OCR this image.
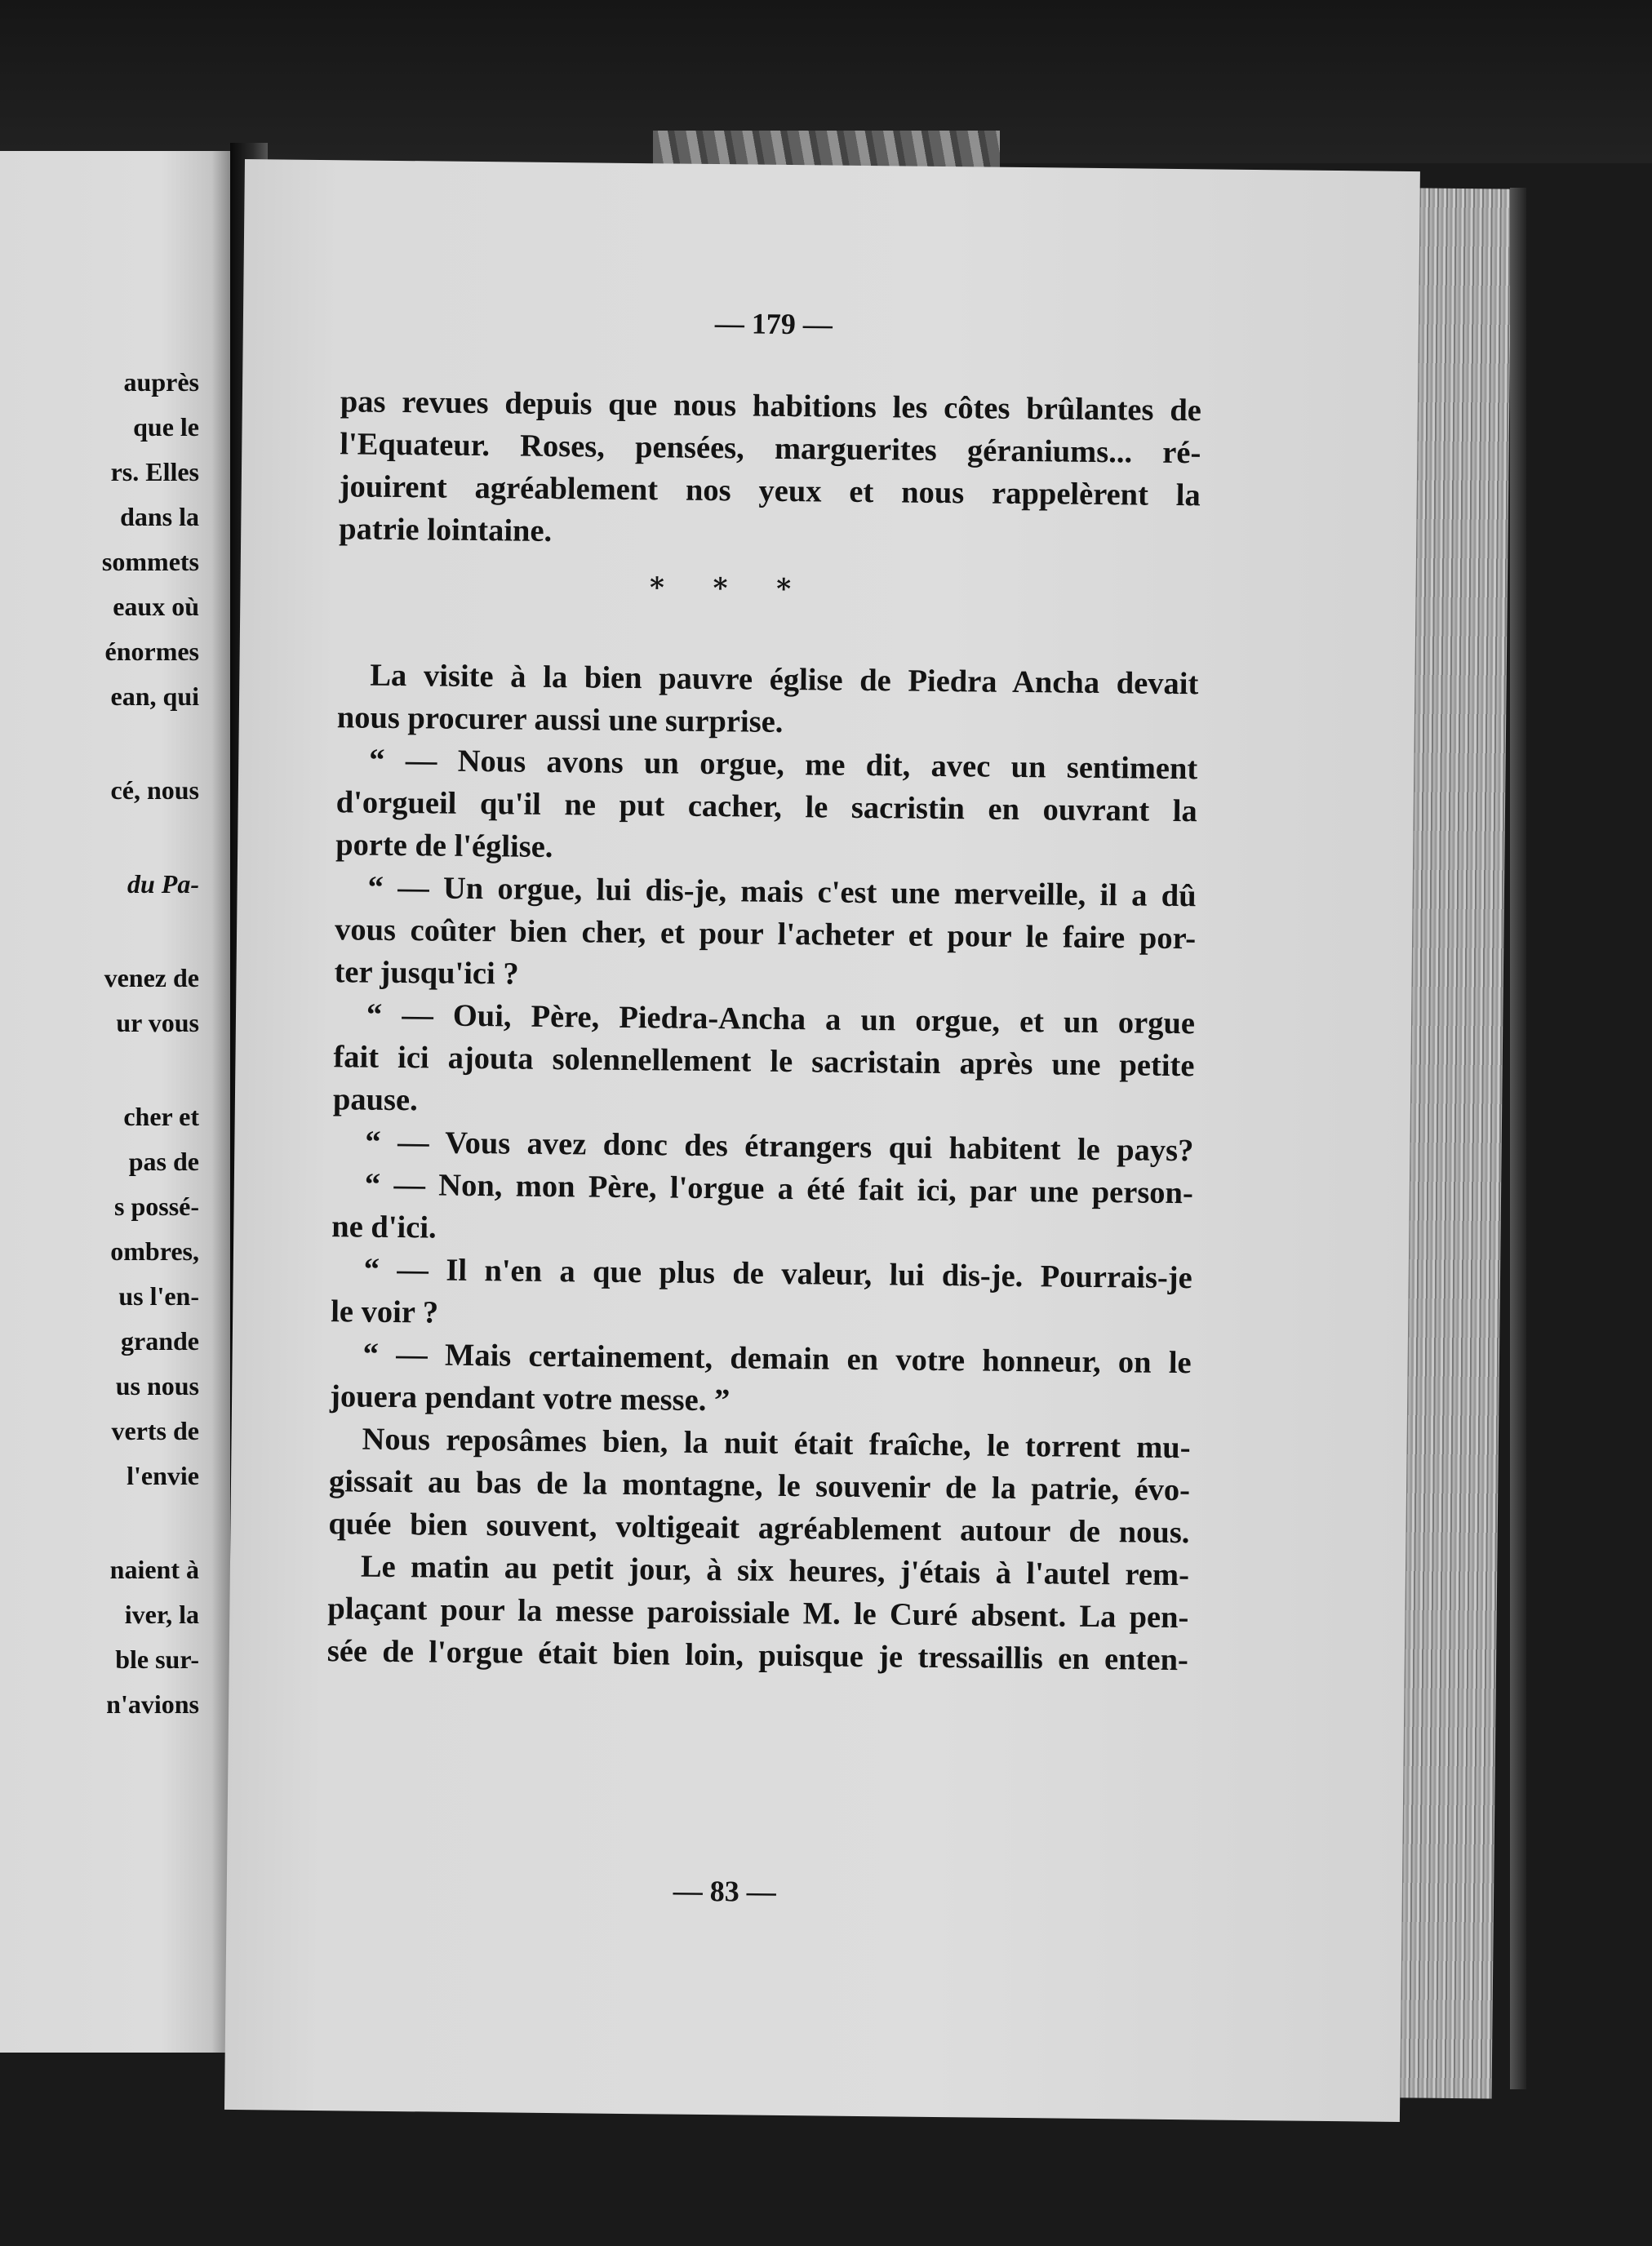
auprès
que le
rs. Elles
dans la
sommets
eaux où
énormes
ean, qui
cé, nous
du Pa-
venez de
ur vous
cher et
pas de
s possé-
ombres,
us l'en-
grande
us nous
verts de
l'envie
naient à
iver, la
ble sur-
n'avions
— 179 —
pas revues depuis que nous habitions les côtes brûlantes de
l'Equateur. Roses, pensées, marguerites géraniums... ré-
jouirent agréablement nos yeux et nous rappelèrent la
patrie lointaine.
La visite à la bien pauvre église de Piedra Ancha devait
nous procurer aussi une surprise.
“ — Nous avons un orgue, me dit, avec un sentiment
d'orgueil qu'il ne put cacher, le sacristin en ouvrant la
porte de l'église.
“ — Un orgue, lui dis-je, mais c'est une merveille, il a dû
vous coûter bien cher, et pour l'acheter et pour le faire por-
ter jusqu'ici ?
“ — Oui, Père, Piedra-Ancha a un orgue, et un orgue
fait ici ajouta solennellement le sacristain après une petite
pause.
“ — Vous avez donc des étrangers qui habitent le pays?
“ — Non, mon Père, l'orgue a été fait ici, par une person-
ne d'ici.
“ — Il n'en a que plus de valeur, lui dis-je. Pourrais-je
le voir ?
“ — Mais certainement, demain en votre honneur, on le
jouera pendant votre messe. ”
Nous reposâmes bien, la nuit était fraîche, le torrent mu-
gissait au bas de la montagne, le souvenir de la patrie, évo-
quée bien souvent, voltigeait agréablement autour de nous.
Le matin au petit jour, à six heures, j'étais à l'autel rem-
plaçant pour la messe paroissiale M. le Curé absent. La pen-
sée de l'orgue était bien loin, puisque je tressaillis en enten-
* * *
— 83 —
